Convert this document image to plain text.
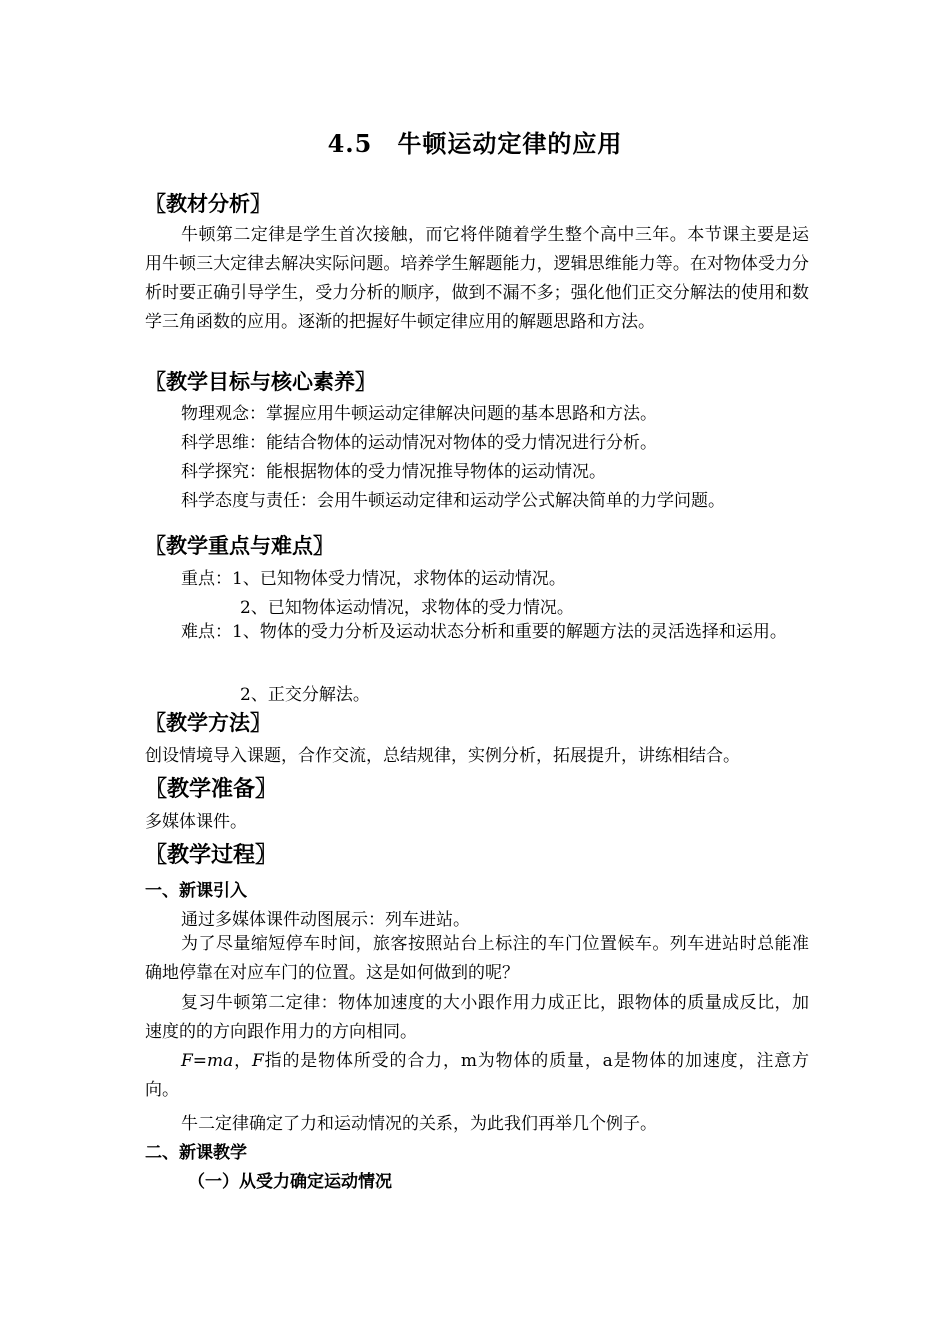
4.5　牛顿运动定律的应用
〖教材分析〗
牛顿第二定律是学生首次接触，而它将伴随着学生整个高中三年。本节课主要是运用牛顿三大定律去解决实际问题。培养学生解题能力，逻辑思维能力等。在对物体受力分析时要正确引导学生，受力分析的顺序，做到不漏不多；强化他们正交分解法的使用和数学三角函数的应用。逐渐的把握好牛顿定律应用的解题思路和方法。
〖教学目标与核心素养〗
物理观念：掌握应用牛顿运动定律解决问题的基本思路和方法。
科学思维：能结合物体的运动情况对物体的受力情况进行分析。
科学探究：能根据物体的受力情况推导物体的运动情况。
科学态度与责任：会用牛顿运动定律和运动学公式解决简单的力学问题。
〖教学重点与难点〗
重点：1、已知物体受力情况，求物体的运动情况。
2、已知物体运动情况，求物体的受力情况。
难点：1、物体的受力分析及运动状态分析和重要的解题方法的灵活选择和运用。
2、正交分解法。
〖教学方法〗
创设情境导入课题，合作交流，总结规律，实例分析，拓展提升，讲练相结合。
〖教学准备〗
多媒体课件。
〖教学过程〗
一、新课引入
通过多媒体课件动图展示：列车进站。
为了尽量缩短停车时间，旅客按照站台上标注的车门位置候车。列车进站时总能准确地停靠在对应车门的位置。这是如何做到的呢？
复习牛顿第二定律：物体加速度的大小跟作用力成正比，跟物体的质量成反比，加速度的的方向跟作用力的方向相同。
F=ma，F指的是物体所受的合力，m为物体的质量，a是物体的加速度，注意方向。
牛二定律确定了力和运动情况的关系，为此我们再举几个例子。
二、新课教学
（一）从受力确定运动情况
